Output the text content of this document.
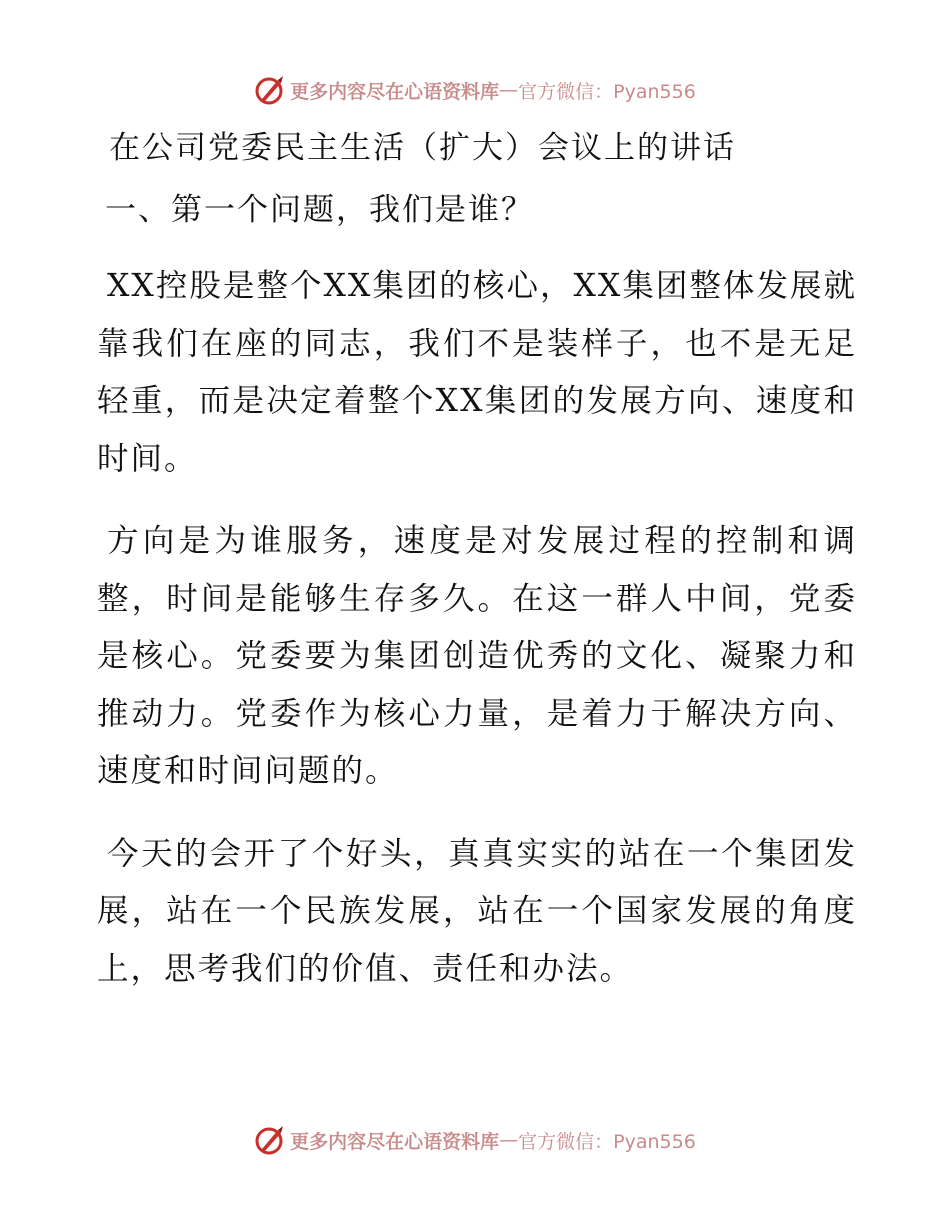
更多内容尽在心语资料库 — 官方微信：Pyan556
在公司党委民主生活（扩大）会议上的讲话
一、第一个问题，我们是谁？

XX控股是整个XX集团的核心，XX集团整体发展就靠我们在座的同志，我们不是装样子，也不是无足轻重，而是决定着整个XX集团的发展方向、速度和时间。

方向是为谁服务，速度是对发展过程的控制和调整，时间是能够生存多久。在这一群人中间，党委是核心。党委要为集团创造优秀的文化、凝聚力和推动力。党委作为核心力量，是着力于解决方向、速度和时间问题的。

今天的会开了个好头，真真实实的站在一个集团发展，站在一个民族发展，站在一个国家发展的角度上，思考我们的价值、责任和办法。

更多内容尽在心语资料库 — 官方微信：Pyan556
